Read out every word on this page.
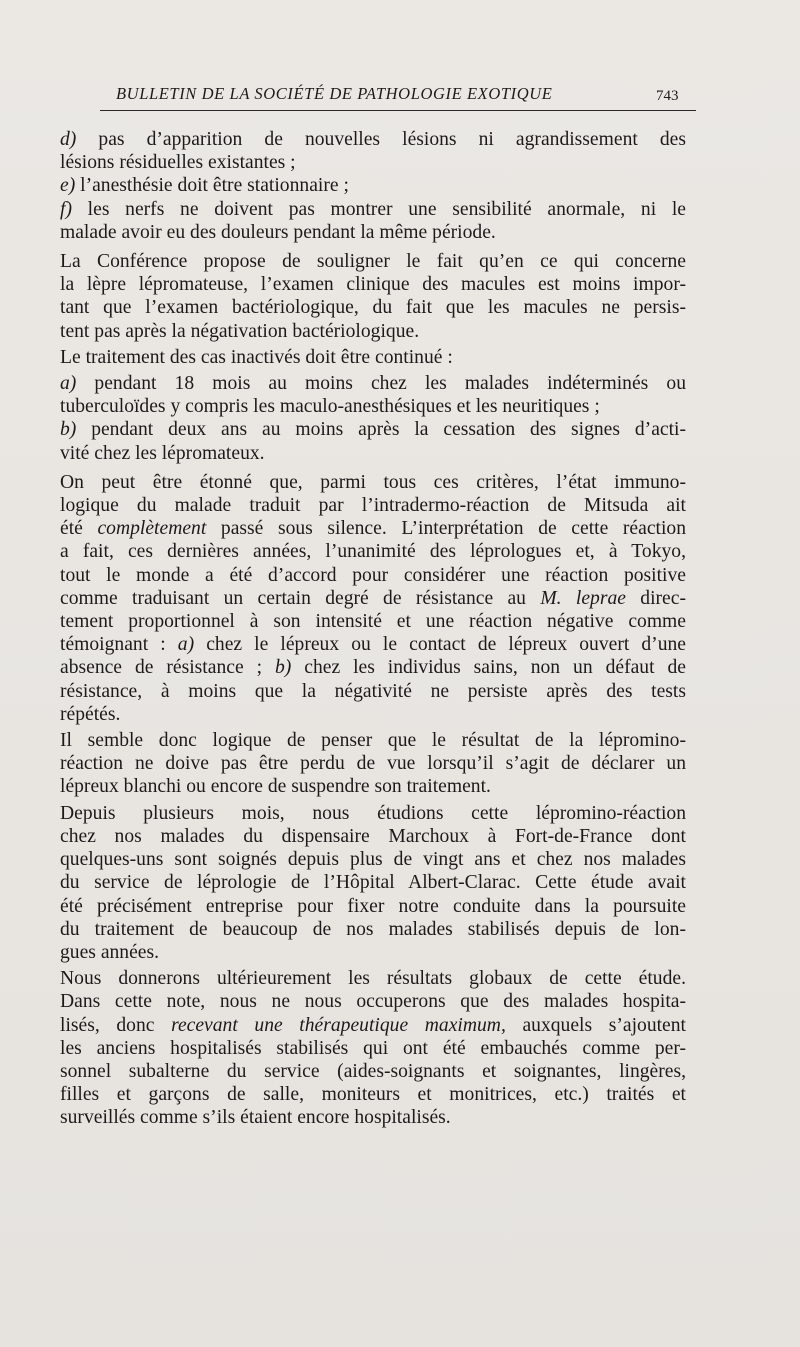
BULLETIN DE LA SOCIÉTÉ DE PATHOLOGIE EXOTIQUE	743
d) pas d’apparition de nouvelles lésions ni agrandissement des
lésions résiduelles existantes ;
e) l’anesthésie doit être stationnaire ;
f) les nerfs ne doivent pas montrer une sensibilité anormale, ni le
malade avoir eu des douleurs pendant la même période.
La Conférence propose de souligner le fait qu’en ce qui concerne
la lèpre lépromateuse, l’examen clinique des macules est moins impor-
tant que l’examen bactériologique, du fait que les macules ne persis-
tent pas après la négativation bactériologique.
Le traitement des cas inactivés doit être continué :
a) pendant 18 mois au moins chez les malades indéterminés ou
tuberculoïdes y compris les maculo-anesthésiques et les neuritiques ;
b) pendant deux ans au moins après la cessation des signes d’acti-
vité chez les lépromateux.
On peut être étonné que, parmi tous ces critères, l’état immuno-
logique du malade traduit par l’intradermo-réaction de Mitsuda ait
été complètement passé sous silence. L’interprétation de cette réaction
a fait, ces dernières années, l’unanimité des léprologues et, à Tokyo,
tout le monde a été d’accord pour considérer une réaction positive
comme traduisant un certain degré de résistance au M. leprae direc-
tement proportionnel à son intensité et une réaction négative comme
témoignant : a) chez le lépreux ou le contact de lépreux ouvert d’une
absence de résistance ; b) chez les individus sains, non un défaut de
résistance, à moins que la négativité ne persiste après des tests
répétés.
Il semble donc logique de penser que le résultat de la lépromino-
réaction ne doive pas être perdu de vue lorsqu’il s’agit de déclarer un
lépreux blanchi ou encore de suspendre son traitement.
Depuis plusieurs mois, nous étudions cette lépromino-réaction
chez nos malades du dispensaire Marchoux à Fort-de-France dont
quelques-uns sont soignés depuis plus de vingt ans et chez nos malades
du service de léprologie de l’Hôpital Albert-Clarac. Cette étude avait
été précisément entreprise pour fixer notre conduite dans la poursuite
du traitement de beaucoup de nos malades stabilisés depuis de lon-
gues années.
Nous donnerons ultérieurement les résultats globaux de cette étude.
Dans cette note, nous ne nous occuperons que des malades hospita-
lisés, donc recevant une thérapeutique maximum, auxquels s’ajoutent
les anciens hospitalisés stabilisés qui ont été embauchés comme per-
sonnel subalterne du service (aides-soignants et soignantes, lingères,
filles et garçons de salle, moniteurs et monitrices, etc.) traités et
surveillés comme s’ils étaient encore hospitalisés.
